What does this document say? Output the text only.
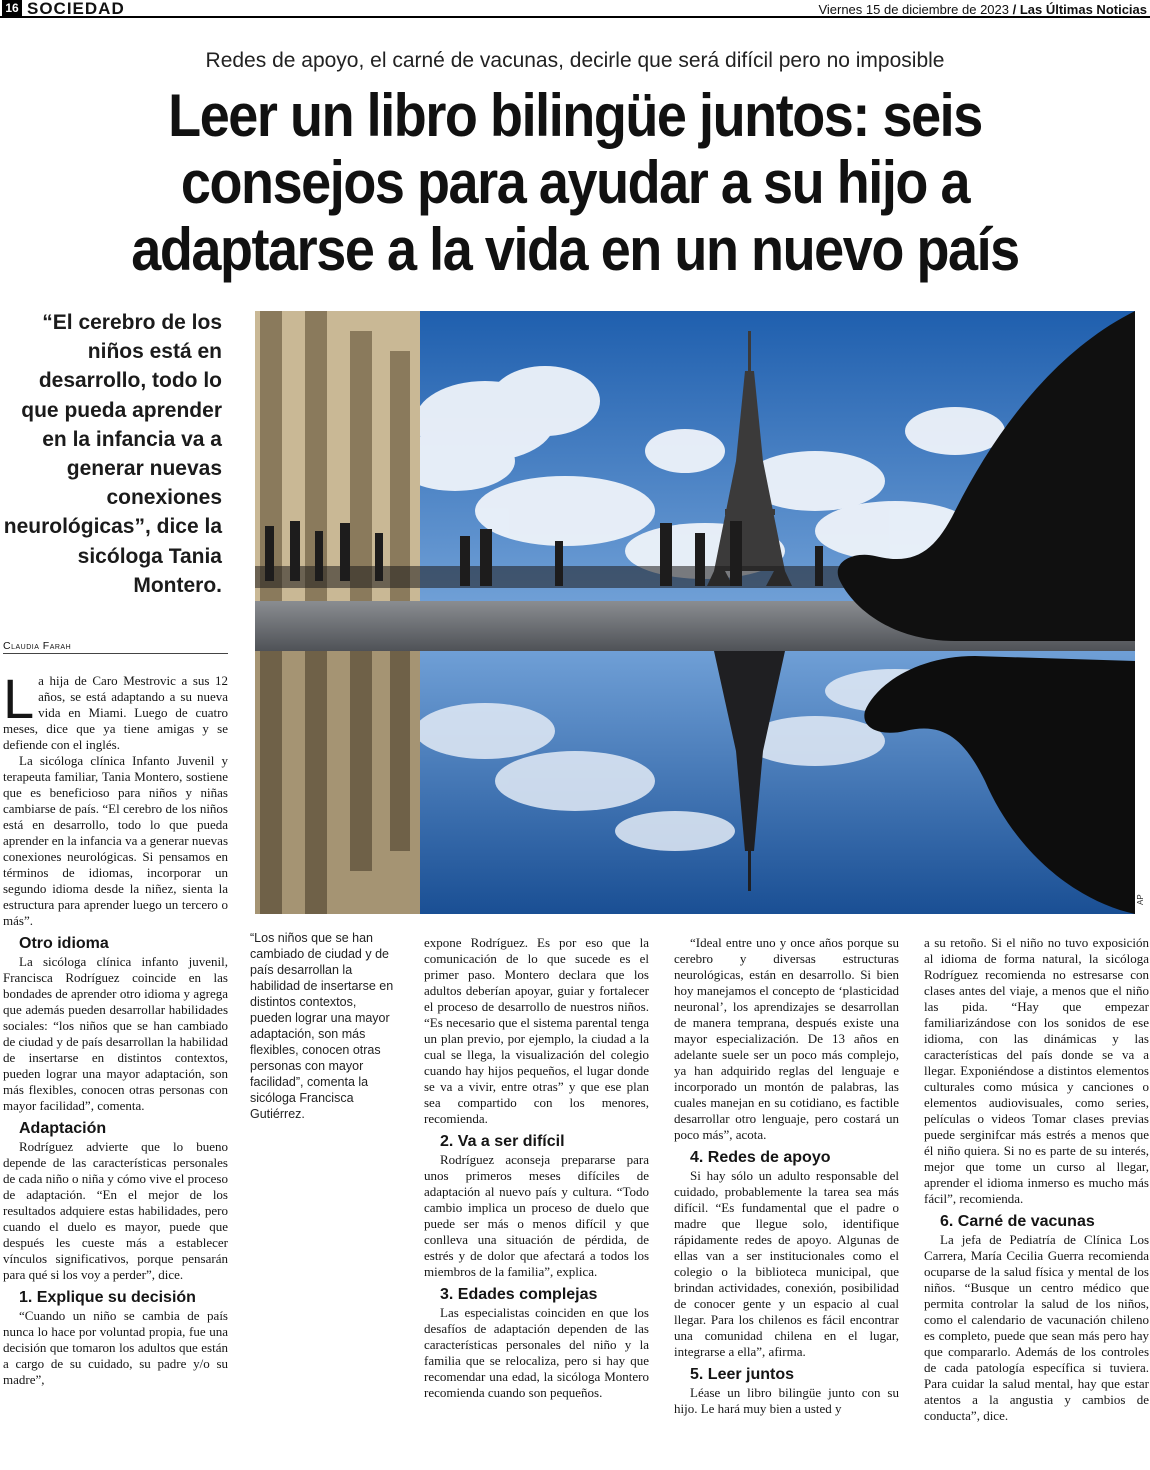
16 SOCIEDAD	Viernes 15 de diciembre de 2023 / Las Últimas Noticias
Redes de apoyo, el carné de vacunas, decirle que será difícil pero no imposible
Leer un libro bilingüe juntos: seis consejos para ayudar a su hijo a adaptarse a la vida en un nuevo país
“El cerebro de los niños está en desarrollo, todo lo que pueda aprender en la infancia va a generar nuevas conexiones neurológicas”, dice la sicóloga Tania Montero.
AP
Claudia Farah

La hija de Caro Mestrovic a sus 12 años, se está adaptando a su nueva vida en Miami. Luego de cuatro meses, dice que ya tiene amigas y se defiende con el inglés.

La sicóloga clínica Infanto Juvenil y terapeuta familiar, Tania Montero, sostiene que es beneficioso para niños y niñas cambiarse de país. “El cerebro de los niños está en desarrollo, todo lo que pueda aprender en la infancia va a generar nuevas conexiones neurológicas. Si pensamos en términos de idiomas, incorporar un segundo idioma desde la niñez, sienta la estructura para aprender luego un tercero o más”.

Otro idioma

La sicóloga clínica infanto juvenil, Francisca Rodríguez coincide en las bondades de aprender otro idioma y agrega que además pueden desarrollar habilidades sociales: “los niños que se han cambiado de ciudad y de país desarrollan la habilidad de insertarse en distintos contextos, pueden lograr una mayor adaptación, son más flexibles, conocen otras personas con mayor facilidad”, comenta.

Adaptación

Rodríguez advierte que lo bueno depende de las características personales de cada niño o niña y cómo vive el proceso de adaptación. “En el mejor de los resultados adquiere estas habilidades, pero cuando el duelo es mayor, puede que después les cueste más a establecer vínculos significativos, porque pensarán para qué si los voy a perder”, dice.

1. Explique su decisión

“Cuando un niño se cambia de país nunca lo hace por voluntad propia, fue una decisión que tomaron los adultos que están a cargo de su cuidado, su padre y/o su madre”,

“Los niños que se han cambiado de ciudad y de país desarrollan la habilidad de insertarse en distintos contextos, pueden lograr una mayor adaptación, son más flexibles, conocen otras personas con mayor facilidad”, comenta la sicóloga Francisca Gutiérrez.

expone Rodríguez. Es por eso que la comunicación de lo que sucede es el primer paso. Montero declara que los adultos deberían apoyar, guiar y fortalecer el proceso de desarrollo de nuestros niños. “Es necesario que el sistema parental tenga un plan previo, por ejemplo, la ciudad a la cual se llega, la visualización del colegio cuando hay hijos pequeños, el lugar donde se va a vivir, entre otras” y que ese plan sea compartido con los menores, recomienda.

2. Va a ser difícil

Rodríguez aconseja prepararse para unos primeros meses difíciles de adaptación al nuevo país y cultura. “Todo cambio implica un proceso de duelo que puede ser más o menos difícil y que conlleva una situación de pérdida, de estrés y de dolor que afectará a todos los miembros de la familia”, explica.

3. Edades complejas

Las especialistas coinciden en que los desafíos de adaptación dependen de las características personales del niño y la familia que se relocaliza, pero si hay que recomendar una edad, la sicóloga Montero recomienda cuando son pequeños.

“Ideal entre uno y once años porque su cerebro y diversas estructuras neurológicas, están en desarrollo. Si bien hoy manejamos el concepto de ‘plasticidad neuronal’, los aprendizajes se desarrollan de manera temprana, después existe una mayor especialización. De 13 años en adelante suele ser un poco más complejo, ya han adquirido reglas del lenguaje e incorporado un montón de palabras, las cuales manejan en su cotidiano, es factible desarrollar otro lenguaje, pero costará un poco más”, acota.

4. Redes de apoyo

Si hay sólo un adulto responsable del cuidado, probablemente la tarea sea más difícil. “Es fundamental que el padre o madre que llegue solo, identifique rápidamente redes de apoyo. Algunas de ellas van a ser institucionales como el colegio o la biblioteca municipal, que brindan actividades, conexión, posibilidad de conocer gente y un espacio al cual llegar. Para los chilenos es fácil encontrar una comunidad chilena en el lugar, integrarse a ella”, afirma.

5. Leer juntos

Léase un libro bilingüe junto con su hijo. Le hará muy bien a usted y

a su retoño. Si el niño no tuvo exposición al idioma de forma natural, la sicóloga Rodríguez recomienda no estresarse con clases antes del viaje, a menos que el niño las pida. “Hay que empezar familiarizándose con los sonidos de ese idioma, con las dinámicas y las características del país donde se va a llegar. Exponiéndose a distintos elementos culturales como música y canciones o elementos audiovisuales, como series, películas o videos Tomar clases previas puede serginifcar más estrés a menos que él niño quiera. Si no es parte de su interés, mejor que tome un curso al llegar, aprender el idioma inmerso es mucho más fácil”, recomienda.

6. Carné de vacunas

La jefa de Pediatría de Clínica Los Carrera, María Cecilia Guerra recomienda ocuparse de la salud física y mental de los niños. “Busque un centro médico que permita controlar la salud de los niños, como el calendario de vacunación chileno es completo, puede que sean más pero hay que compararlo. Además de los controles de cada patología específica si tuviera. Para cuidar la salud mental, hay que estar atentos a la angustia y cambios de conducta”, dice.
